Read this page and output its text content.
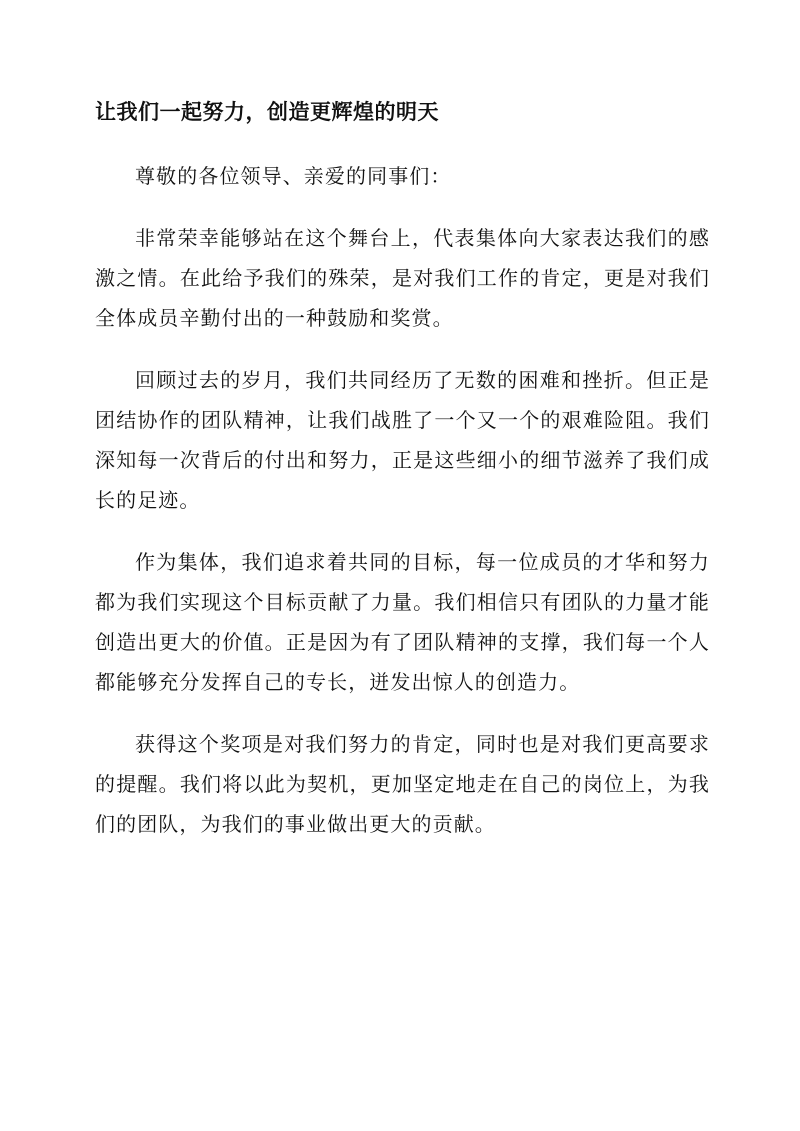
让我们一起努力，创造更辉煌的明天

尊敬的各位领导、亲爱的同事们：

非常荣幸能够站在这个舞台上，代表集体向大家表达我们的感激之情。在此给予我们的殊荣，是对我们工作的肯定，更是对我们全体成员辛勤付出的一种鼓励和奖赏。

回顾过去的岁月，我们共同经历了无数的困难和挫折。但正是团结协作的团队精神，让我们战胜了一个又一个的艰难险阻。我们深知每一次背后的付出和努力，正是这些细小的细节滋养了我们成长的足迹。

作为集体，我们追求着共同的目标，每一位成员的才华和努力都为我们实现这个目标贡献了力量。我们相信只有团队的力量才能创造出更大的价值。正是因为有了团队精神的支撑，我们每一个人都能够充分发挥自己的专长，迸发出惊人的创造力。

获得这个奖项是对我们努力的肯定，同时也是对我们更高要求的提醒。我们将以此为契机，更加坚定地走在自己的岗位上，为我们的团队，为我们的事业做出更大的贡献。
